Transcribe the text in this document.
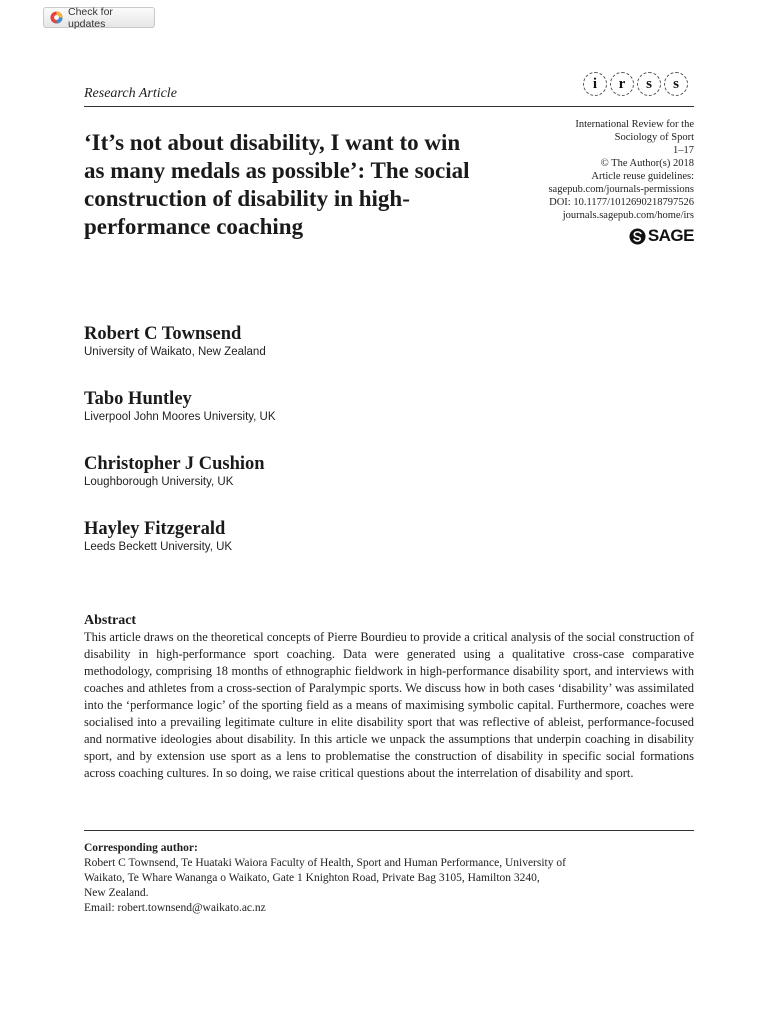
Check for updates
Research Article
i	r	s	s
‘It’s not about disability, I want to win as many medals as possible’: The social construction of disability in high-performance coaching
International Review for the
Sociology of Sport
1–17
© The Author(s) 2018
Article reuse guidelines:
sagepub.com/journals-permissions
DOI: 10.1177/1012690218797526
journals.sagepub.com/home/irs
SAGE
Robert C Townsend
University of Waikato, New Zealand
Tabo Huntley
Liverpool John Moores University, UK
Christopher J Cushion
Loughborough University, UK
Hayley Fitzgerald
Leeds Beckett University, UK
Abstract

This article draws on the theoretical concepts of Pierre Bourdieu to provide a critical analysis of the social construction of disability in high-performance sport coaching. Data were generated using a qualitative cross-case comparative methodology, comprising 18 months of ethnographic fieldwork in high-performance disability sport, and interviews with coaches and athletes from a cross-section of Paralympic sports. We discuss how in both cases ‘disability’ was assimilated into the ‘performance logic’ of the sporting field as a means of maximising symbolic capital. Furthermore, coaches were socialised into a prevailing legitimate culture in elite disability sport that was reflective of ableist, performance-focused and normative ideologies about disability. In this article we unpack the assumptions that underpin coaching in disability sport, and by extension use sport as a lens to problematise the construction of disability in specific social formations across coaching cultures. In so doing, we raise critical questions about the interrelation of disability and sport.

Corresponding author:
Robert C Townsend, Te Huataki Waiora Faculty of Health, Sport and Human Performance, University of
Waikato, Te Whare Wananga o Waikato, Gate 1 Knighton Road, Private Bag 3105, Hamilton 3240,
New Zealand.
Email: robert.townsend@waikato.ac.nz
